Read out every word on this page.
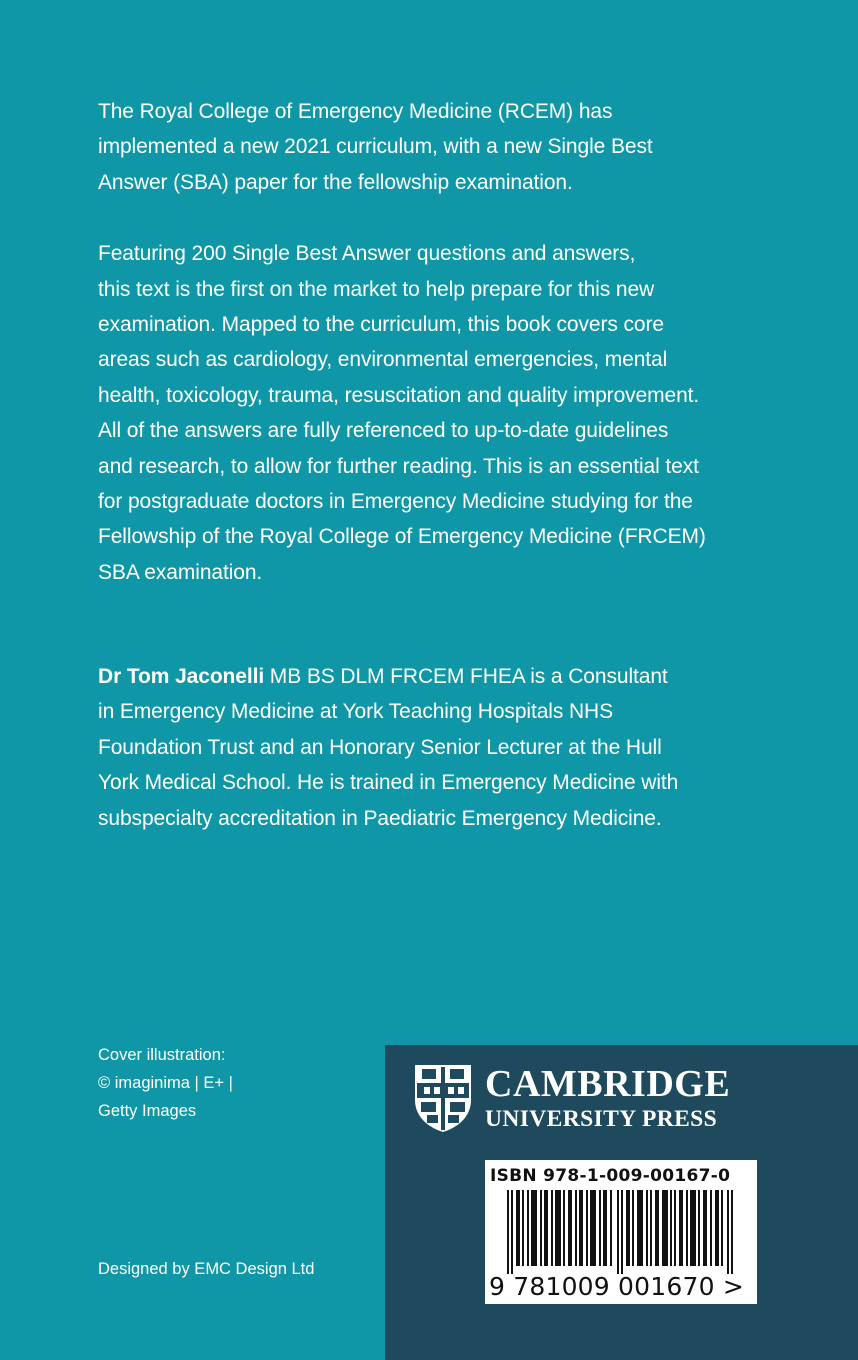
The Royal College of Emergency Medicine (RCEM) has
implemented a new 2021 curriculum, with a new Single Best
Answer (SBA) paper for the fellowship examination.

Featuring 200 Single Best Answer questions and answers,
this text is the first on the market to help prepare for this new
examination. Mapped to the curriculum, this book covers core
areas such as cardiology, environmental emergencies, mental
health, toxicology, trauma, resuscitation and quality improvement.
All of the answers are fully referenced to up-to-date guidelines
and research, to allow for further reading. This is an essential text
for postgraduate doctors in Emergency Medicine studying for the
Fellowship of the Royal College of Emergency Medicine (FRCEM)
SBA examination.

Dr Tom Jaconelli MB BS DLM FRCEM FHEA is a Consultant
in Emergency Medicine at York Teaching Hospitals NHS
Foundation Trust and an Honorary Senior Lecturer at the Hull
York Medical School. He is trained in Emergency Medicine with
subspecialty accreditation in Paediatric Emergency Medicine.

Cover illustration:
© imaginima | E+ |
Getty Images
Designed by EMC Design Ltd
CAMBRIDGE
UNIVERSITY PRESS
ISBN 978-1-009-00167-0
9 781009 001670 >
